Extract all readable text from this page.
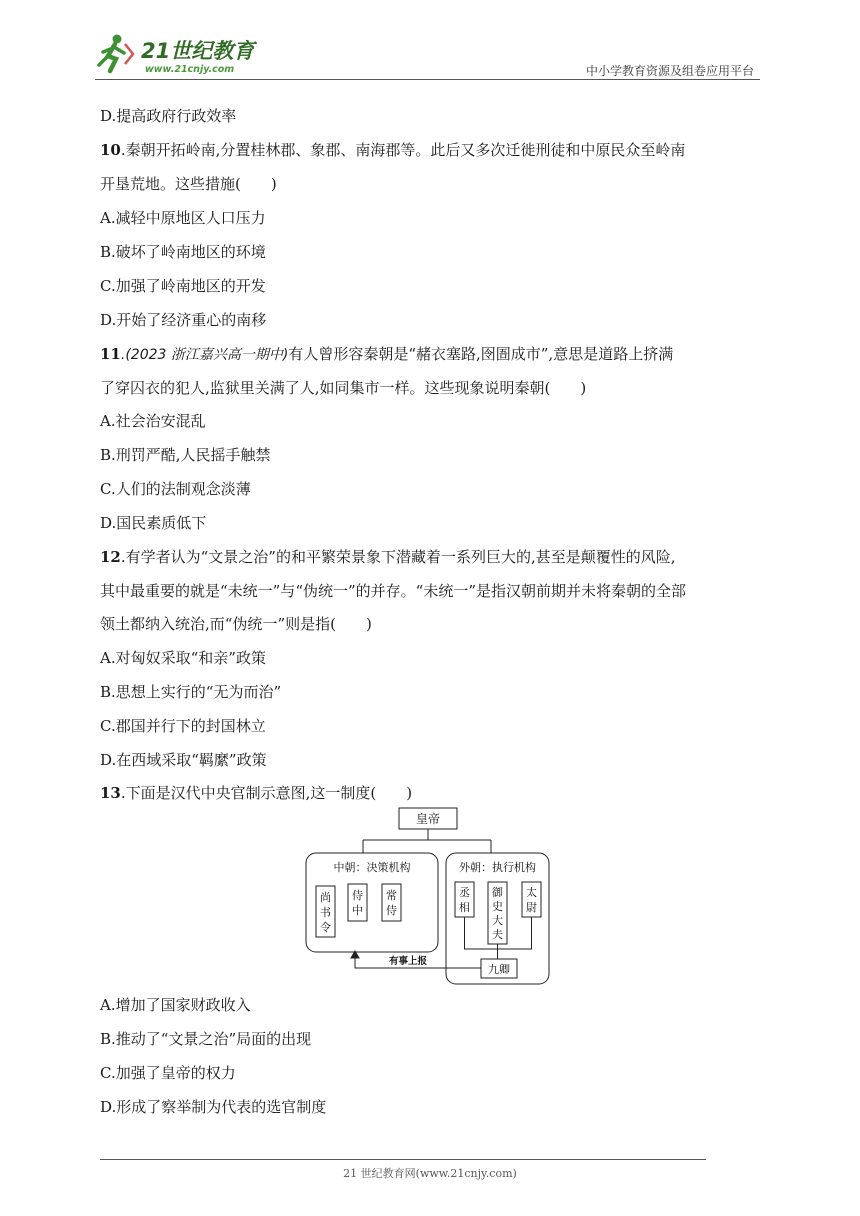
21世纪教育
www.21cnjy.com	中小学教育资源及组卷应用平台
D.提高政府行政效率
10.秦朝开拓岭南,分置桂林郡、象郡、南海郡等。此后又多次迁徙刑徒和中原民众至岭南
开垦荒地。这些措施(　　)
A.减轻中原地区人口压力
B.破坏了岭南地区的环境
C.加强了岭南地区的开发
D.开始了经济重心的南移
11.(2023 浙江嘉兴高一期中)有人曾形容秦朝是“赭衣塞路,囹圄成市”,意思是道路上挤满
了穿囚衣的犯人,监狱里关满了人,如同集市一样。这些现象说明秦朝(　　)
A.社会治安混乱
B.刑罚严酷,人民摇手触禁
C.人们的法制观念淡薄
D.国民素质低下
12.有学者认为“文景之治”的和平繁荣景象下潜藏着一系列巨大的,甚至是颠覆性的风险,
其中最重要的就是“未统一”与“伪统一”的并存。“未统一”是指汉朝前期并未将秦朝的全部
领土都纳入统治,而“伪统一”则是指(　　)
A.对匈奴采取“和亲”政策
B.思想上实行的“无为而治”
C.郡国并行下的封国林立
D.在西域采取“羁縻”政策
13.下面是汉代中央官制示意图,这一制度(　　)
皇帝
中朝：决策机构
尚
书
令
侍
中
常
侍
外朝：执行机构
丞
相
御
史
大
夫
太
尉
九卿
有事上报
A.增加了国家财政收入
B.推动了“文景之治”局面的出现
C.加强了皇帝的权力
D.形成了察举制为代表的选官制度
21 世纪教育网(www.21cnjy.com)
